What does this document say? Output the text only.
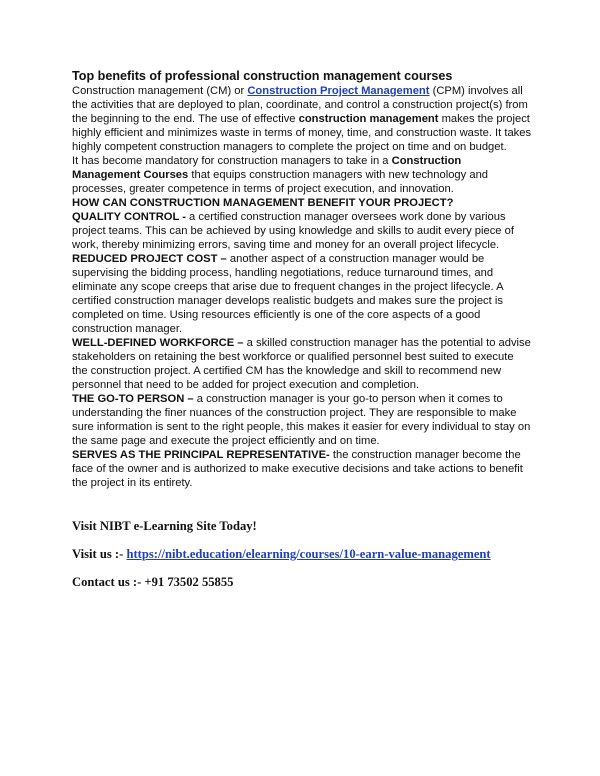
Top benefits of professional construction management courses

Construction management (CM) or Construction Project Management (CPM) involves all the activities that are deployed to plan, coordinate, and control a construction project(s) from the beginning to the end. The use of effective construction management makes the project highly efficient and minimizes waste in terms of money, time, and construction waste. It takes highly competent construction managers to complete the project on time and on budget.

It has become mandatory for construction managers to take in a Construction Management Courses that equips construction managers with new technology and processes, greater competence in terms of project execution, and innovation.

HOW CAN CONSTRUCTION MANAGEMENT BENEFIT YOUR PROJECT?

QUALITY CONTROL - a certified construction manager oversees work done by various project teams. This can be achieved by using knowledge and skills to audit every piece of work, thereby minimizing errors, saving time and money for an overall project lifecycle.

REDUCED PROJECT COST – another aspect of a construction manager would be supervising the bidding process, handling negotiations, reduce turnaround times, and eliminate any scope creeps that arise due to frequent changes in the project lifecycle. A certified construction manager develops realistic budgets and makes sure the project is completed on time. Using resources efficiently is one of the core aspects of a good construction manager.

WELL-DEFINED WORKFORCE – a skilled construction manager has the potential to advise stakeholders on retaining the best workforce or qualified personnel best suited to execute the construction project. A certified CM has the knowledge and skill to recommend new personnel that need to be added for project execution and completion.

THE GO-TO PERSON – a construction manager is your go-to person when it comes to understanding the finer nuances of the construction project. They are responsible to make sure information is sent to the right people, this makes it easier for every individual to stay on the same page and execute the project efficiently and on time.

SERVES AS THE PRINCIPAL REPRESENTATIVE- the construction manager become the face of the owner and is authorized to make executive decisions and take actions to benefit the project in its entirety.

Visit NIBT e-Learning Site Today!

Visit us :- https://nibt.education/elearning/courses/10-earn-value-management

Contact us :- +91 73502 55855
